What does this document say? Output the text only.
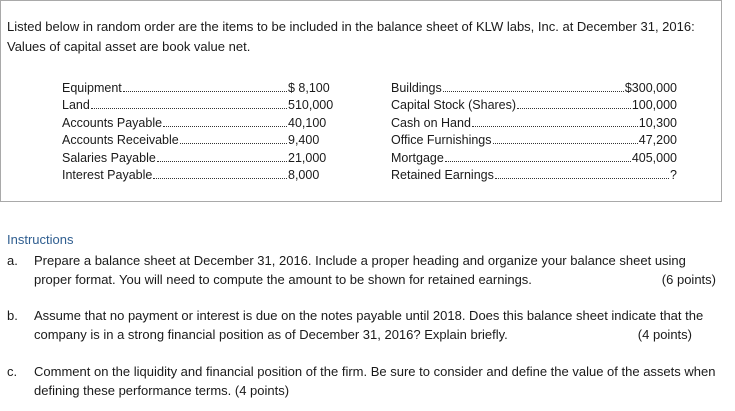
Listed below in random order are the items to be included in the balance sheet of KLW labs, Inc. at December 31, 2016: Values of capital asset are book value net.
Equipment	$ 8,100
Land	510,000
Accounts Payable	40,100
Accounts Receivable	9,400
Salaries Payable	21,000
Interest Payable	8,000
Buildings	$300,000
Capital Stock (Shares)	100,000
Cash on Hand	10,300
Office Furnishings	47,200
Mortgage	405,000
Retained Earnings	?
Instructions
a. Prepare a balance sheet at December 31, 2016. Include a proper heading and organize your balance sheet using proper format. You will need to compute the amount to be shown for retained earnings.	(6 points)
b. Assume that no payment or interest is due on the notes payable until 2018. Does this balance sheet indicate that the company is in a strong financial position as of December 31, 2016? Explain briefly.	(4 points)
c. Comment on the liquidity and financial position of the firm. Be sure to consider and define the value of the assets when defining these performance terms. (4 points)
